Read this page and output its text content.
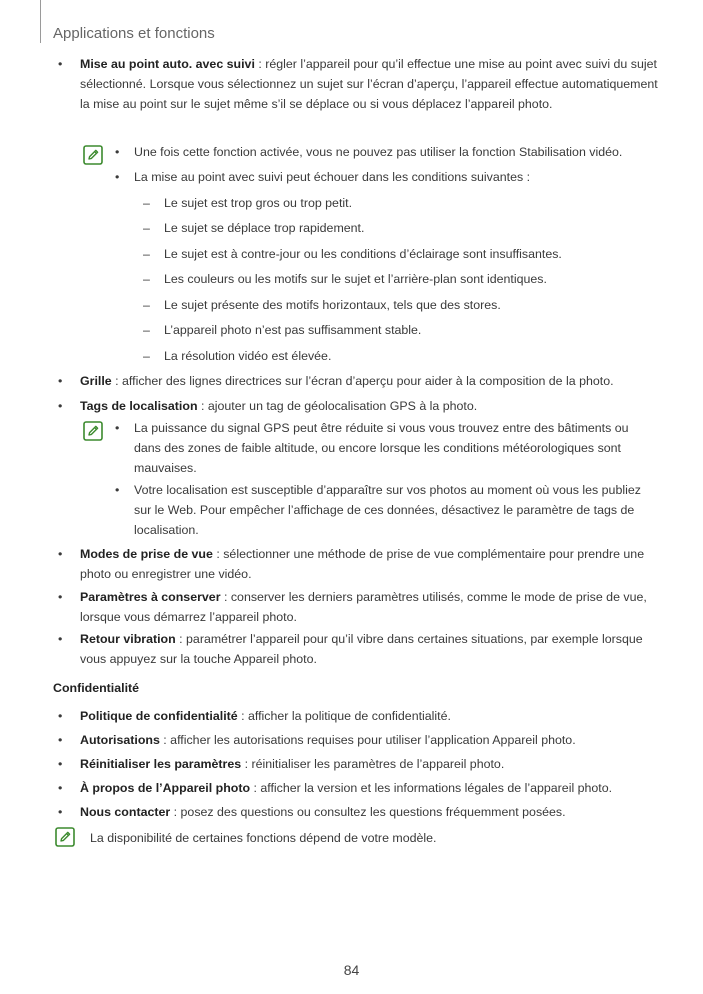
Applications et fonctions
• Mise au point auto. avec suivi : régler l’appareil pour qu’il effectue une mise au point avec suivi du sujet sélectionné. Lorsque vous sélectionnez un sujet sur l’écran d’aperçu, l’appareil effectue automatiquement la mise au point sur le sujet même s’il se déplace ou si vous déplacez l’appareil photo.
• Une fois cette fonction activée, vous ne pouvez pas utiliser la fonction Stabilisation vidéo.
• La mise au point avec suivi peut échouer dans les conditions suivantes :
– Le sujet est trop gros ou trop petit.
– Le sujet se déplace trop rapidement.
– Le sujet est à contre-jour ou les conditions d’éclairage sont insuffisantes.
– Les couleurs ou les motifs sur le sujet et l’arrière-plan sont identiques.
– Le sujet présente des motifs horizontaux, tels que des stores.
– L’appareil photo n’est pas suffisamment stable.
– La résolution vidéo est élevée.
• Grille : afficher des lignes directrices sur l’écran d’aperçu pour aider à la composition de la photo.
• Tags de localisation : ajouter un tag de géolocalisation GPS à la photo.
• La puissance du signal GPS peut être réduite si vous vous trouvez entre des bâtiments ou dans des zones de faible altitude, ou encore lorsque les conditions météorologiques sont mauvaises.
• Votre localisation est susceptible d’apparaître sur vos photos au moment où vous les publiez sur le Web. Pour empêcher l’affichage de ces données, désactivez le paramètre de tags de localisation.
• Modes de prise de vue : sélectionner une méthode de prise de vue complémentaire pour prendre une photo ou enregistrer une vidéo.
• Paramètres à conserver : conserver les derniers paramètres utilisés, comme le mode de prise de vue, lorsque vous démarrez l’appareil photo.
• Retour vibration : paramétrer l’appareil pour qu’il vibre dans certaines situations, par exemple lorsque vous appuyez sur la touche Appareil photo.
Confidentialité
• Politique de confidentialité : afficher la politique de confidentialité.
• Autorisations : afficher les autorisations requises pour utiliser l’application Appareil photo.
• Réinitialiser les paramètres : réinitialiser les paramètres de l’appareil photo.
• À propos de l’Appareil photo : afficher la version et les informations légales de l’appareil photo.
• Nous contacter : posez des questions ou consultez les questions fréquemment posées.
La disponibilité de certaines fonctions dépend de votre modèle.
84
